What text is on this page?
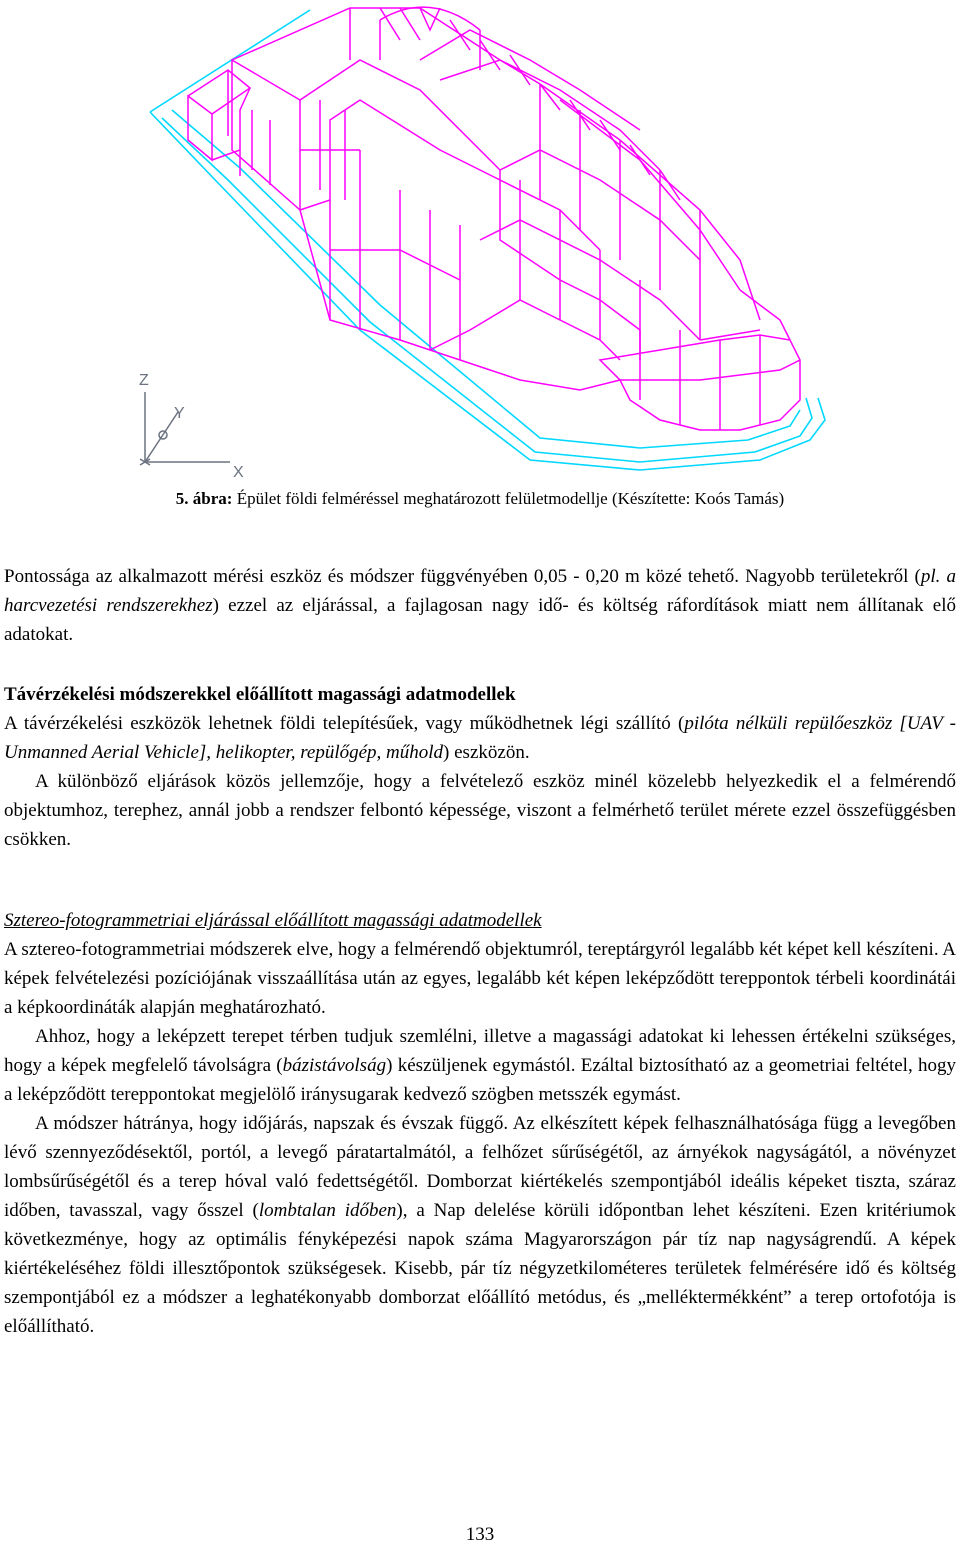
Z
Y
X
5. ábra: Épület földi felméréssel meghatározott felületmodellje (Készítette: Koós Tamás)

Pontossága az alkalmazott mérési eszköz és módszer függvényében 0,05 - 0,20 m közé tehető. Nagyobb területekről (pl. a harcvezetési rendszerekhez) ezzel az eljárással, a fajlagosan nagy idő- és költség ráfordítások miatt nem állítanak elő adatokat.

Távérzékelési módszerekkel előállított magassági adatmodellek

A távérzékelési eszközök lehetnek földi telepítésűek, vagy működhetnek légi szállító (pilóta nélküli repülőeszköz [UAV - Unmanned Aerial Vehicle], helikopter, repülőgép, műhold) eszközön.

A különböző eljárások közös jellemzője, hogy a felvételező eszköz minél közelebb helyezkedik el a felmérendő objektumhoz, terephez, annál jobb a rendszer felbontó képessége, viszont a felmérhető terület mérete ezzel összefüggésben csökken.

Sztereo-fotogrammetriai eljárással előállított magassági adatmodellek

A sztereo-fotogrammetriai módszerek elve, hogy a felmérendő objektumról, tereptárgyról legalább két képet kell készíteni. A képek felvételezési pozíciójának visszaállítása után az egyes, legalább két képen leképződött tereppontok térbeli koordinátái a képkoordináták alapján meghatározható.

Ahhoz, hogy a leképzett terepet térben tudjuk szemlélni, illetve a magassági adatokat ki lehessen értékelni szükséges, hogy a képek megfelelő távolságra (bázistávolság) készüljenek egymástól. Ezáltal biztosítható az a geometriai feltétel, hogy a leképződött tereppontokat megjelölő iránysugarak kedvező szögben metsszék egymást.

A módszer hátránya, hogy időjárás, napszak és évszak függő. Az elkészített képek felhasználhatósága függ a levegőben lévő szennyeződésektől, portól, a levegő páratartalmától, a felhőzet sűrűségétől, az árnyékok nagyságától, a növényzet lombsűrűségétől és a terep hóval való fedettségétől. Domborzat kiértékelés szempontjából ideális képeket tiszta, száraz időben, tavasszal, vagy ősszel (lombtalan időben), a Nap delelése körüli időpontban lehet készíteni. Ezen kritériumok következménye, hogy az optimális fényképezési napok száma Magyarországon pár tíz nap nagyságrendű. A képek kiértékeléséhez földi illesztőpontok szükségesek. Kisebb, pár tíz négyzetkilométeres területek felmérésére idő és költség szempontjából ez a módszer a leghatékonyabb domborzat előállító metódus, és „melléktermékként” a terep ortofotója is előállítható.

133
